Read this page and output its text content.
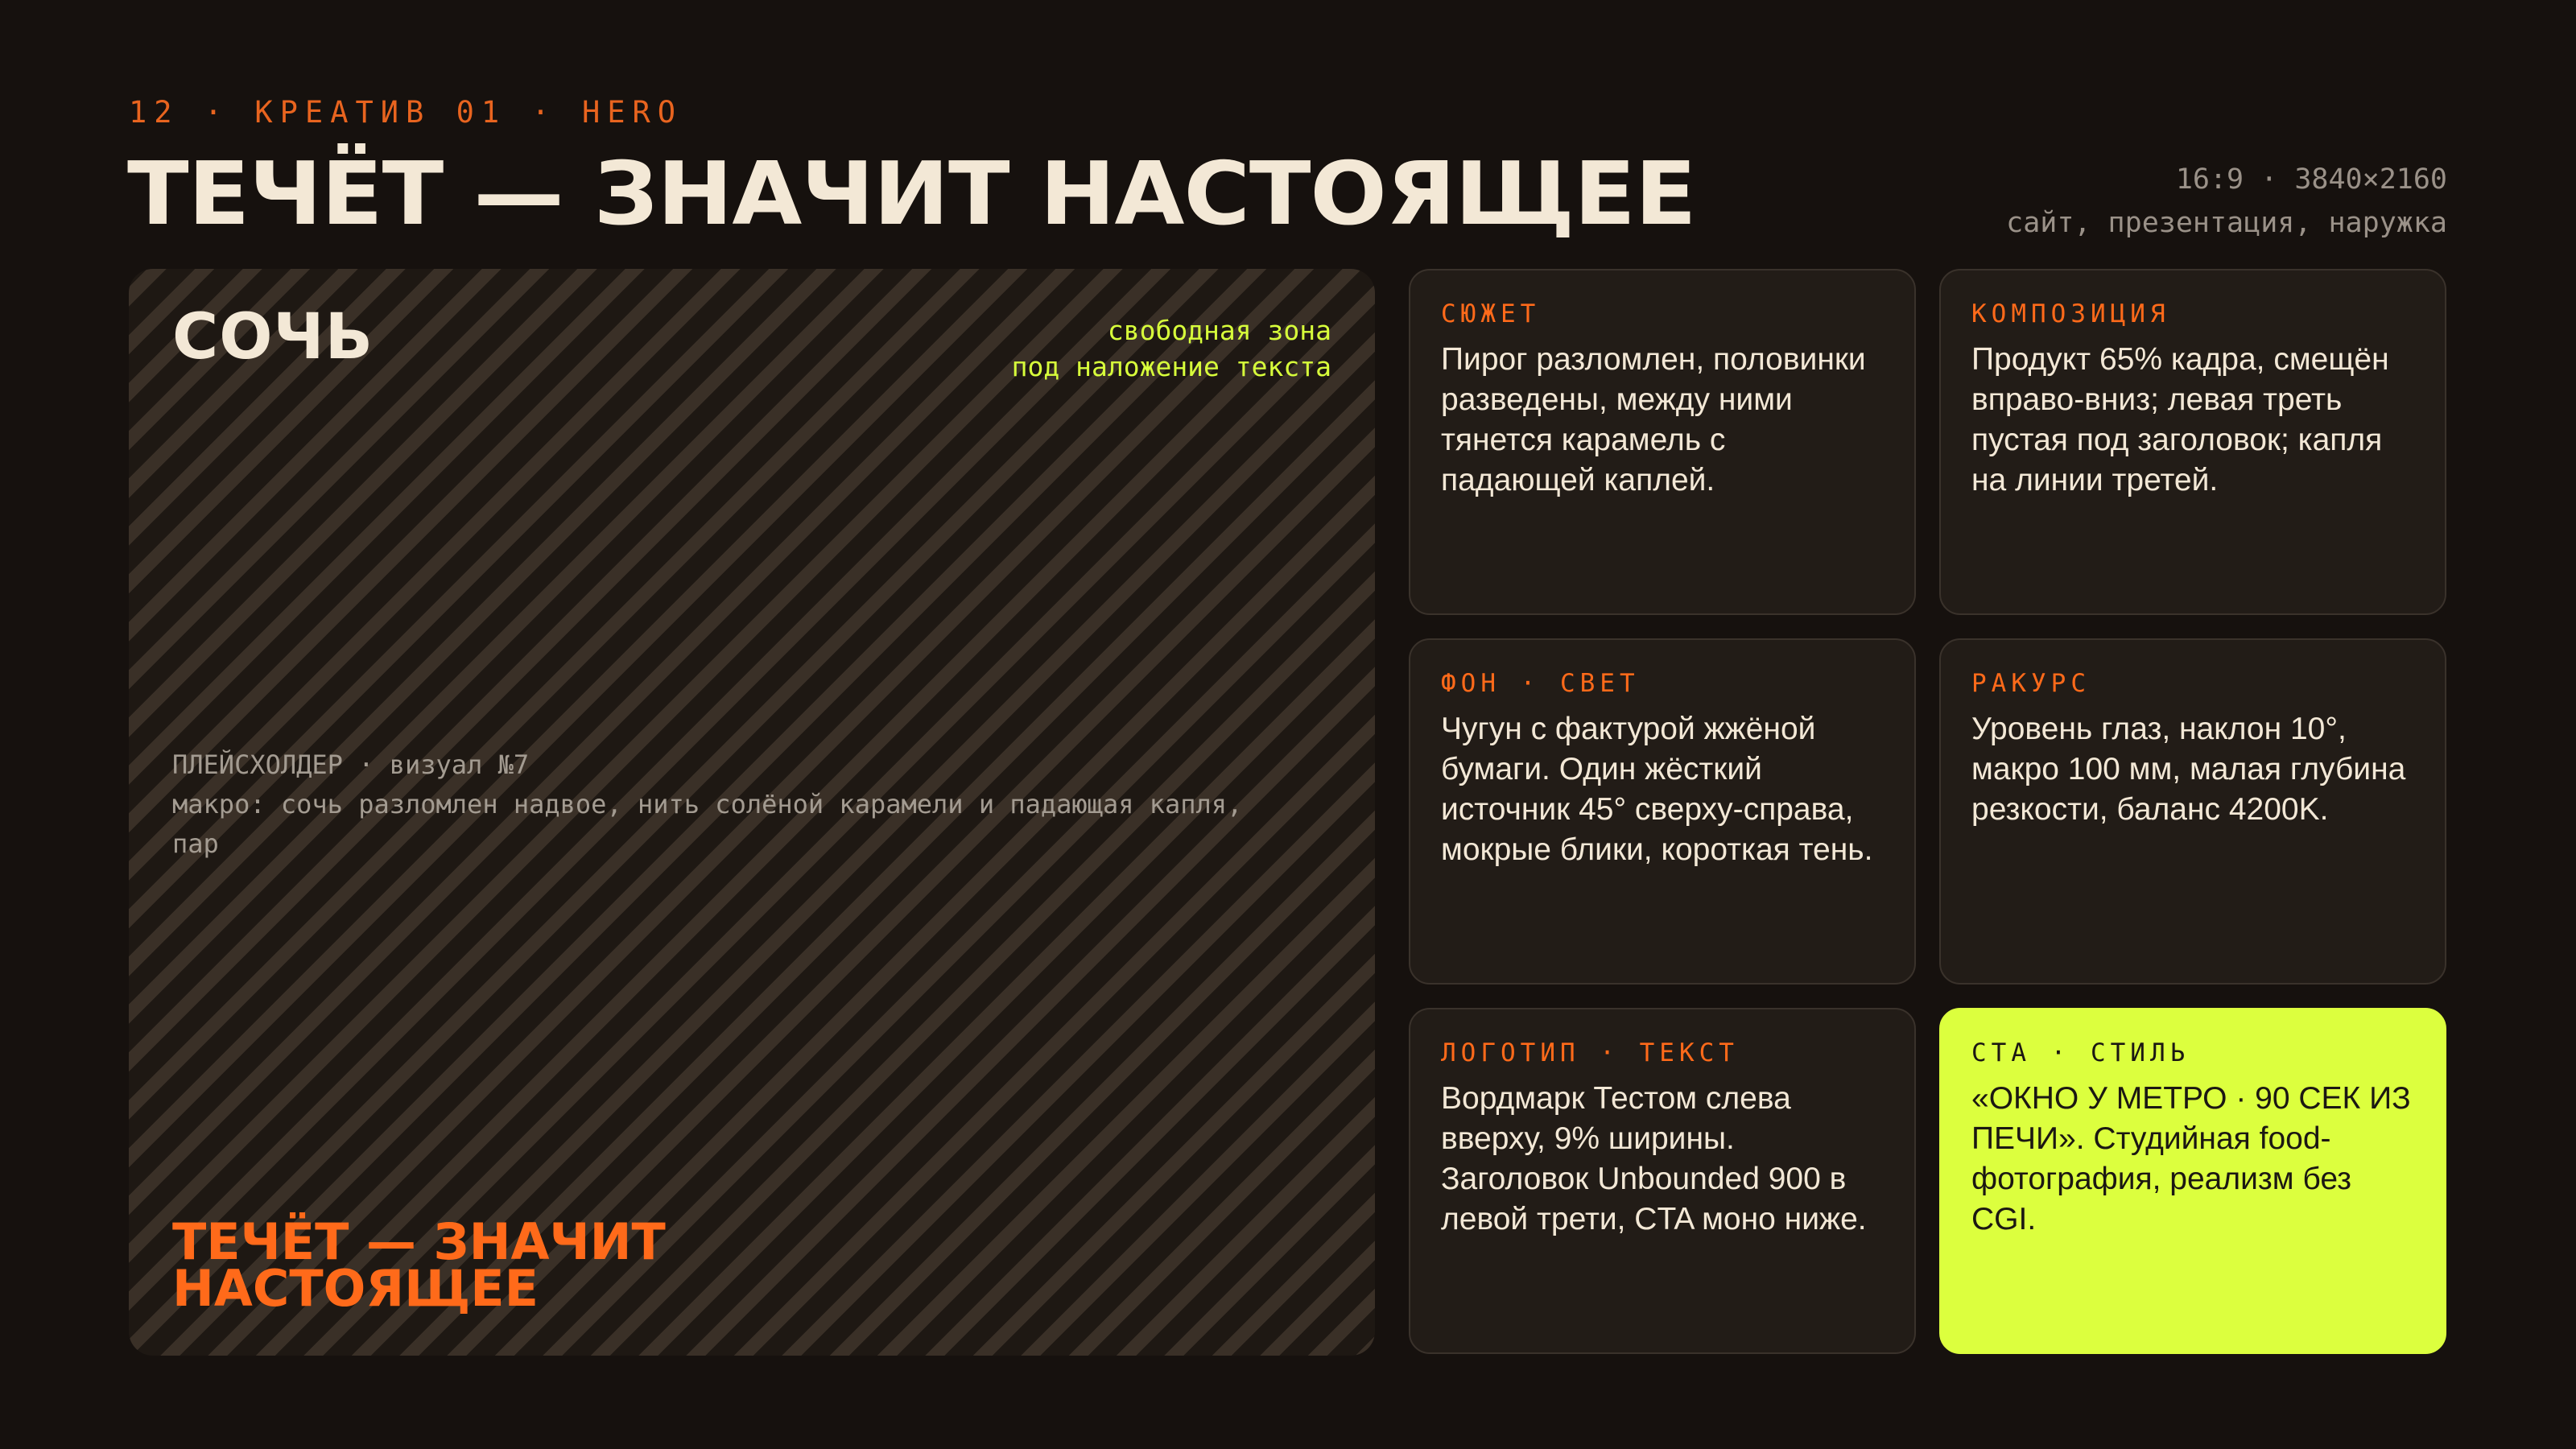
12 · КРЕАТИВ 01 · HERO
ТЕЧЁТ — ЗНАЧИТ НАСТОЯЩЕЕ	16:9 · 3840×2160
сайт, презентация, наружка
СОЧЬ	свободная зона
под наложение текста
ПЛЕЙСХОЛДЕР · визуал №7
макро: сочь разломлен надвое, нить солёной карамели и падающая капля, пар
ТЕЧЁТ — ЗНАЧИТ
НАСТОЯЩЕЕ
СЮЖЕТ
Пирог разломлен, половинки разведены, между ними тянется карамель с падающей каплей.
КОМПОЗИЦИЯ
Продукт 65% кадра, смещён вправо-вниз; левая треть пустая под заголовок; капля на линии третей.
ФОН · СВЕТ
Чугун с фактурой жжёной бумаги. Один жёсткий источник 45° сверху-справа, мокрые блики, короткая тень.
РАКУРС
Уровень глаз, наклон 10°, макро 100 мм, малая глубина резкости, баланс 4200K.
ЛОГОТИП · ТЕКСТ
Вордмарк Тестом слева вверху, 9% ширины. Заголовок Unbounded 900 в левой трети, CTA моно ниже.
CTA · СТИЛЬ
«ОКНО У МЕТРО · 90 СЕК ИЗ ПЕЧИ». Студийная food-фотография, реализм без CGI.
